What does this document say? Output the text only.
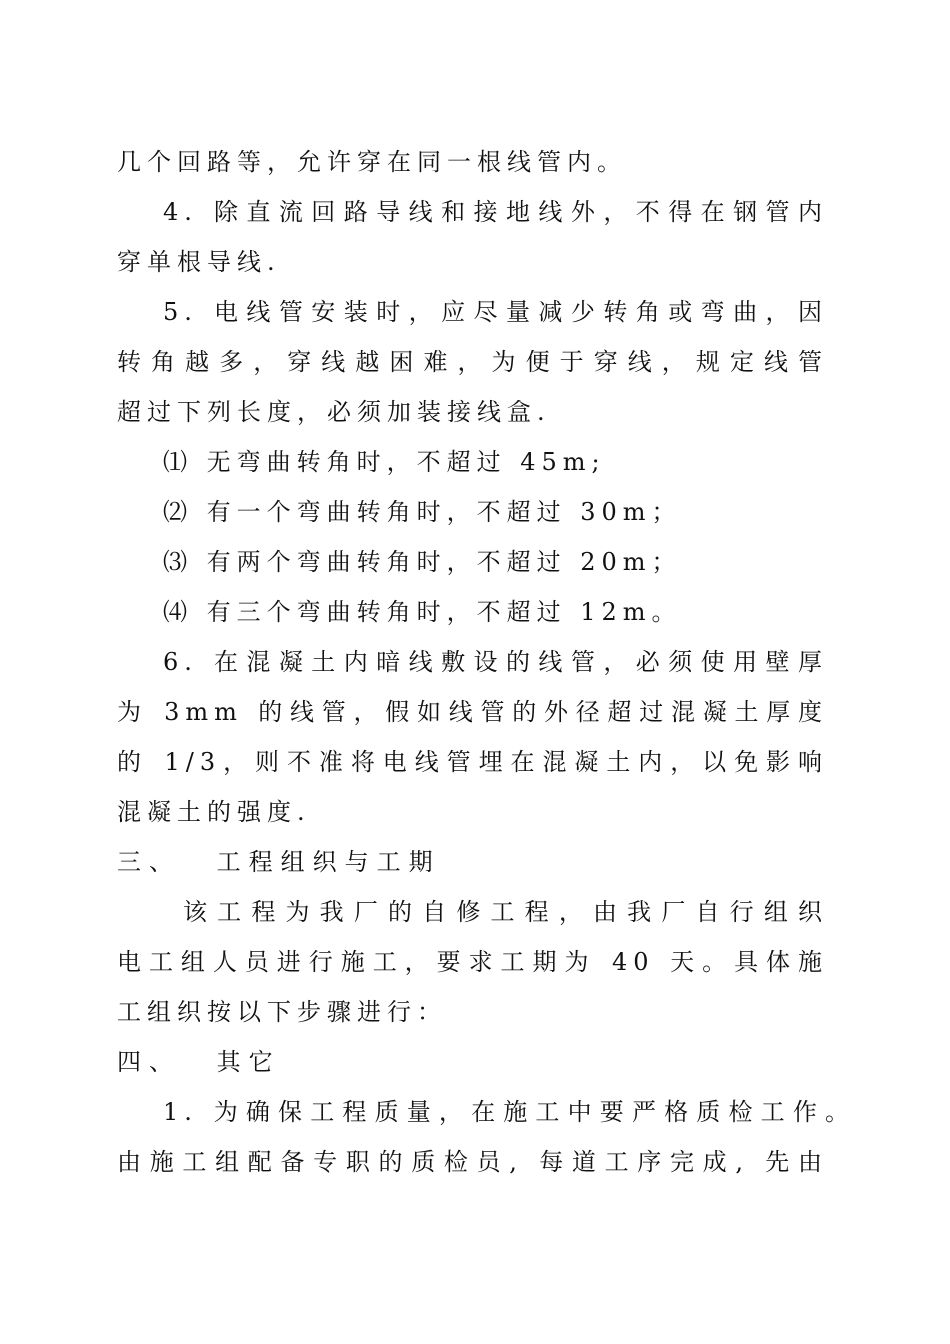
几个回路等，允许穿在同一根线管内。
4. 除直流回路导线和接地线外，不得在钢管内
穿单根导线.
5. 电线管安装时，应尽量减少转角或弯曲，因
转角越多，穿线越困难，为便于穿线，规定线管
超过下列长度，必须加装接线盒.
⑴ 无弯曲转角时，不超过 45m;
⑵ 有一个弯曲转角时，不超过 30m；
⑶ 有两个弯曲转角时，不超过 20m；
⑷ 有三个弯曲转角时，不超过 12m。
6. 在混凝土内暗线敷设的线管，必须使用壁厚
为 3mm 的线管，假如线管的外径超过混凝土厚度
的 1/3，则不准将电线管埋在混凝土内，以免影响
混凝土的强度.
三、　 工程组织与工期
该工程为我厂的自修工程，由我厂自行组织
电工组人员进行施工，要求工期为 40 天。具体施
工组织按以下步骤进行：
四、　 其它
1. 为确保工程质量，在施工中要严格质检工作。
由施工组配备专职的质检员, 每道工序完成, 先由
